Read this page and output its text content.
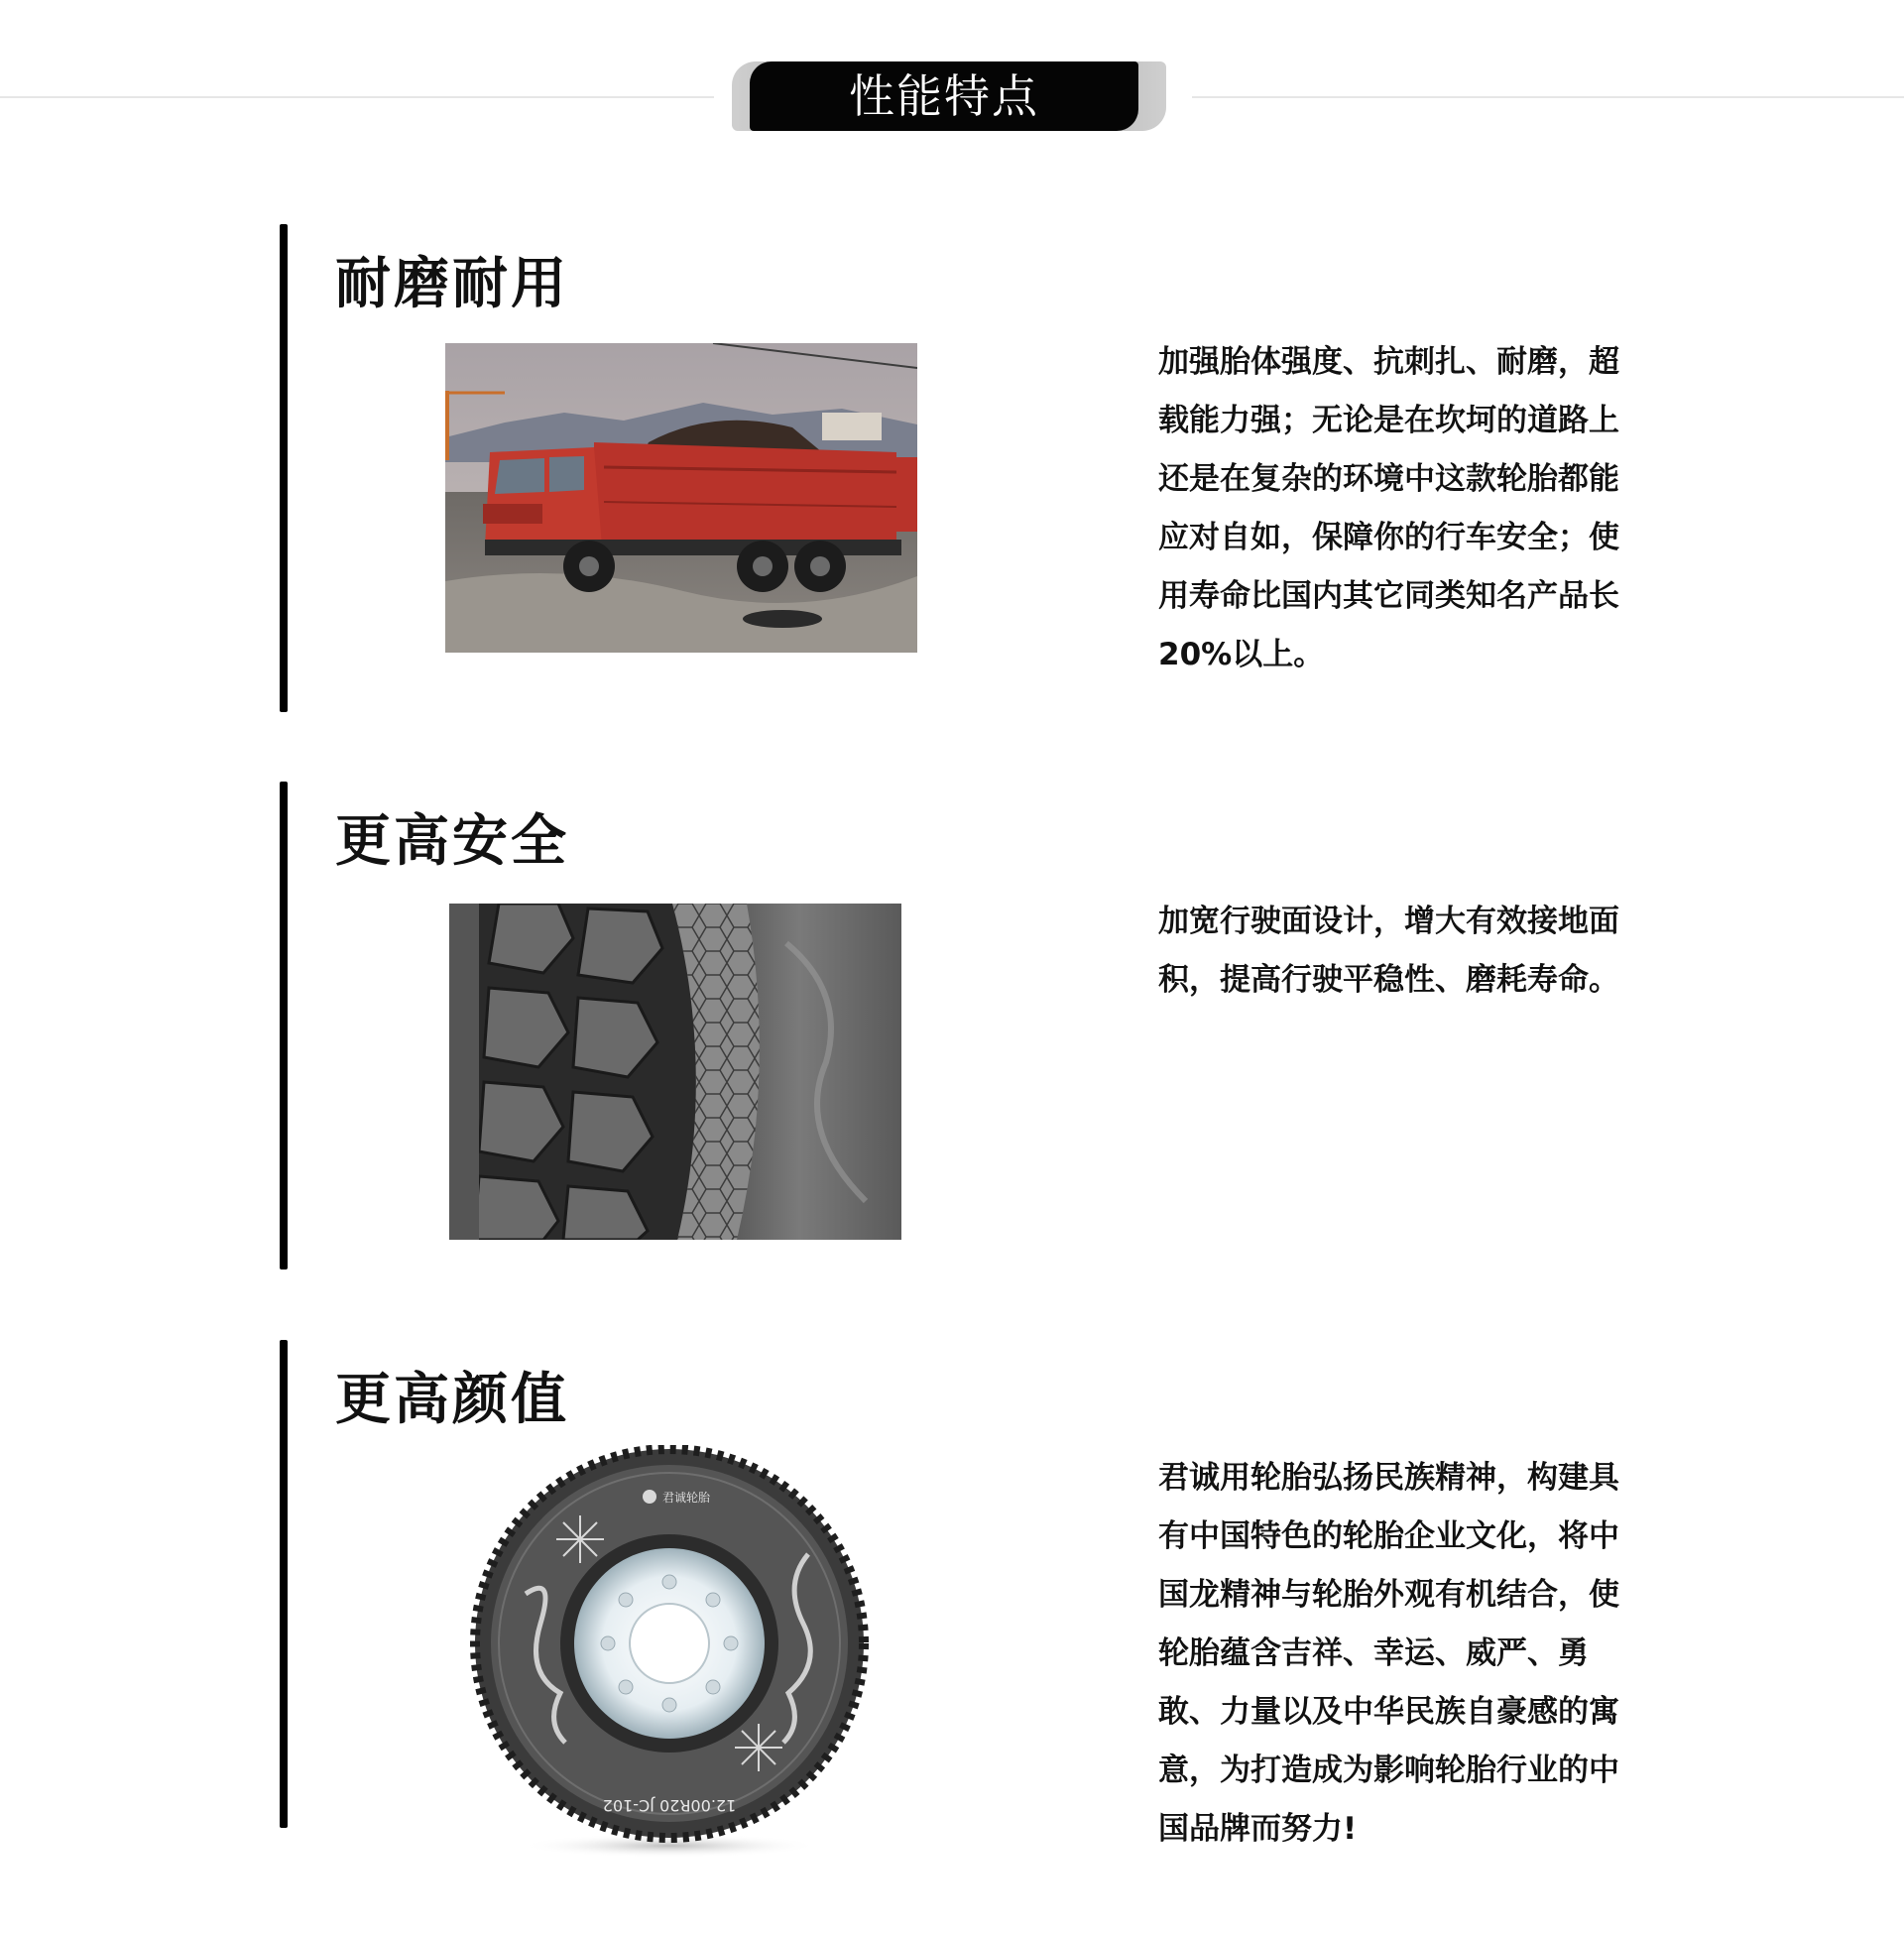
性能特点
耐磨耐用

加强胎体强度、抗刺扎、耐磨，超载能力强；无论是在坎坷的道路上还是在复杂的环境中这款轮胎都能应对自如，保障你的行车安全；使用寿命比国内其它同类知名产品长20%以上。

更高安全

加宽行驶面设计，增大有效接地面积，提高行驶平稳性、磨耗寿命。

更高颜值
君诚轮胎
12.00R20 JC-102

君诚用轮胎弘扬民族精神，构建具有中国特色的轮胎企业文化，将中国龙精神与轮胎外观有机结合，使轮胎蕴含吉祥、幸运、威严、勇敢、力量以及中华民族自豪感的寓意，为打造成为影响轮胎行业的中国品牌而努力!
